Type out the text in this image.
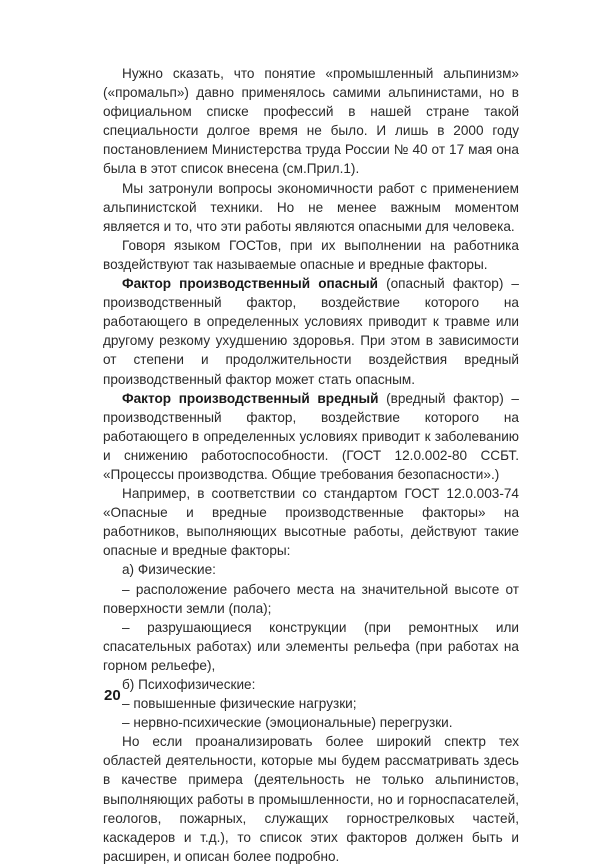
Нужно сказать, что понятие «промышленный альпинизм» («промальп») давно применялось самими альпинистами, но в официальном списке профессий в нашей стране такой специальности долгое время не было. И лишь в 2000 году постановлением Министерства труда России № 40 от 17 мая она была в этот список внесена (см.Прил.1).

Мы затронули вопросы экономичности работ с применением альпинистской техники. Но не менее важным моментом является и то, что эти работы являются опасными для человека.

Говоря языком ГОСТов, при их выполнении на работника воздействуют так называемые опасные и вредные факторы.

Фактор производственный опасный (опасный фактор) – производственный фактор, воздействие которого на работающего в определенных условиях приводит к травме или другому резкому ухудшению здоровья. При этом в зависимости от степени и продолжительности воздействия вредный производственный фактор может стать опасным.

Фактор производственный вредный (вредный фактор) – производственный фактор, воздействие которого на работающего в определенных условиях приводит к заболеванию и снижению работоспособности. (ГОСТ 12.0.002-80 ССБТ. «Процессы производства. Общие требования безопасности».)

Например, в соответствии со стандартом ГОСТ 12.0.003-74 «Опасные и вредные производственные факторы» на работников, выполняющих высотные работы, действуют такие опасные и вредные факторы:

а) Физические:

– расположение рабочего места на значительной высоте от поверхности земли (пола);

– разрушающиеся конструкции (при ремонтных или спасательных работах) или элементы рельефа (при работах на горном рельефе),

б) Психофизические:

– повышенные физические нагрузки;

– нервно-психические (эмоциональные) перегрузки.

Но если проанализировать более широкий спектр тех областей деятельности, которые мы будем рассматривать здесь в качестве примера (деятельность не только альпинистов, выполняющих работы в промышленности, но и горноспасателей, геологов, пожарных, служащих горнострелковых частей, каскадеров и т.д.), то список этих факторов должен быть и расширен, и описан более подробно.

20
